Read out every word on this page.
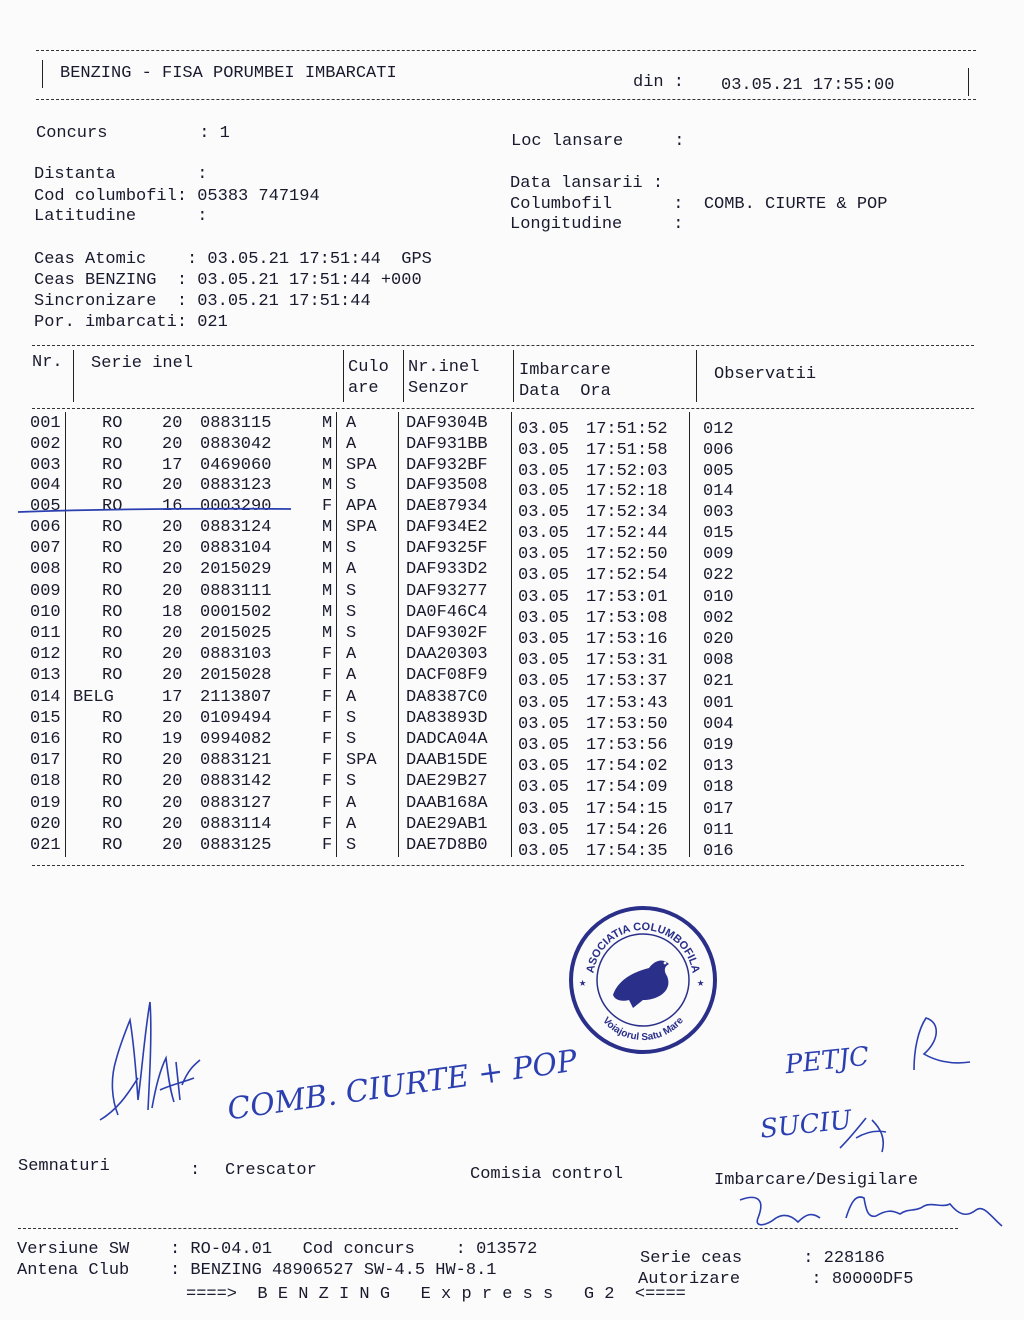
BENZING - FISA PORUMBEI IMBARCATI	din : 03.05.21 17:55:00
Concurs         : 1
Distanta        :
Cod columbofil: 05383 747194
Latitudine      :
Loc lansare     :
Data lansarii :
Columbofil      :  COMB. CIURTE & POP
Longitudine     :
Ceas Atomic    : 03.05.21 17:51:44  GPS
Ceas BENZING  : 03.05.21 17:51:44 +000
Sincronizare  : 03.05.21 17:51:44
Por. imbarcati: 021
Nr. Serie inel	Culo
are
Nr.inel
Senzor
Imbarcare
Data  Ora
Observatii
001 RO 20 0883115	M A	DAF9304B 03.05 17:51:52 012
002 RO 20 0883042	M A	DAF931BB 03.05 17:51:58 006
003 RO 17 0469060	M SPA DAF932BF 03.05 17:52:03 005
004 RO 20 0883123	M S	DAF93508 03.05 17:52:18 014
005 RO 16 0003290	F APA DAE87934 03.05 17:52:34 003
006 RO 20 0883124	M SPA DAF934E2 03.05 17:52:44 015
007 RO 20 0883104	M S	DAF9325F 03.05 17:52:50 009
008 RO 20 2015029	M A	DAF933D2 03.05 17:52:54 022
009 RO 20 0883111	M S	DAF93277 03.05 17:53:01 010
010 RO 18 0001502	M S	DA0F46C4 03.05 17:53:08 002
011 RO 20 2015025	M S	DAF9302F 03.05 17:53:16 020
012 RO 20 0883103	F A	DAA20303 03.05 17:53:31 008
013 RO 20 2015028	F A	DACF08F9 03.05 17:53:37 021
014 BELG	17 2113807	F A	DA8387C0 03.05 17:53:43 001
015 RO 20 0109494	F S	DA83893D 03.05 17:53:50 004
016 RO 19 0994082	F S	DADCA04A 03.05 17:53:56 019
017 RO 20 0883121	F SPA DAAB15DE 03.05 17:54:02 013
018 RO 20 0883142	F S	DAE29B27 03.05 17:54:09 018
019 RO 20 0883127	F A	DAAB168A 03.05 17:54:15 017
020 RO 20 0883114	F A	DAE29AB1 03.05 17:54:26 011
021 RO 20 0883125	F S	DAE7D8B0 03.05 17:54:35 016
ASOCIATIA COLUMBOFILA
Voiajorul Satu Mare
★	★
COMB. CIURTE + POP	PETJC
SUCIU
Semnaturi	: Crescator	Comisia control	Imbarcare/Desigilare
Versiune SW    : RO-04.01   Cod concurs    : 013572	Serie ceas      : 228186
Antena Club    : BENZING 48906527 SW-4.5 HW-8.1	Autorizare       : 80000DF5
====>  B E N Z I N G   E x p r e s s   G 2  <====
